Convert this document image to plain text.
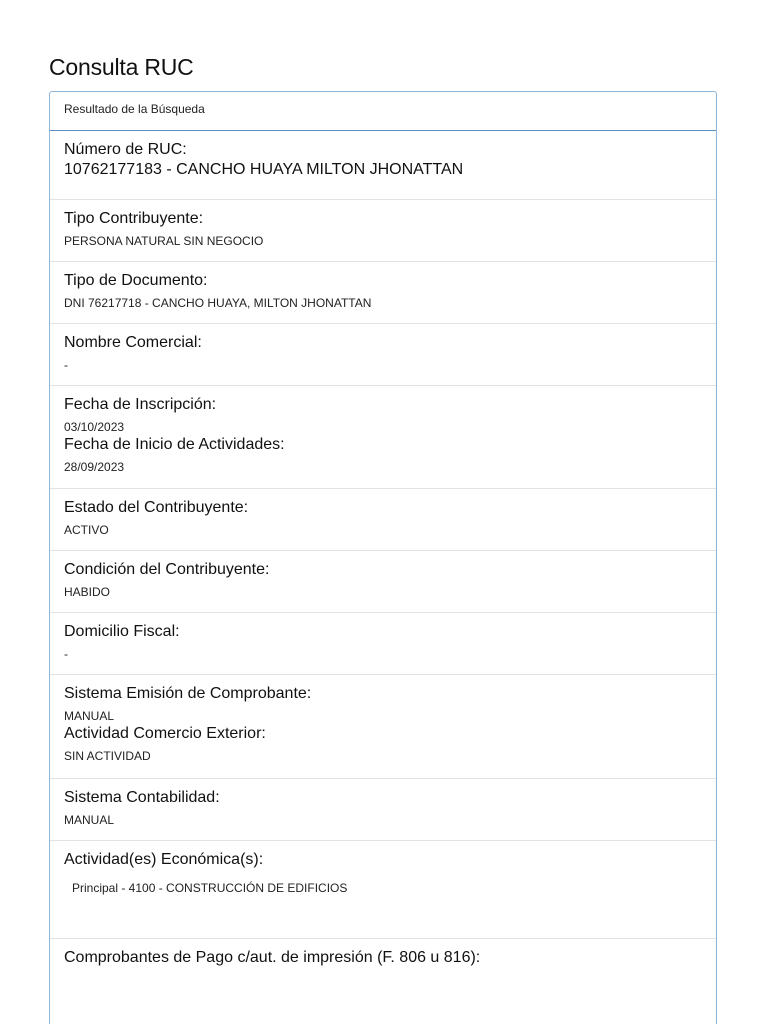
Consulta RUC
Resultado de la Búsqueda
Número de RUC:
10762177183 - CANCHO HUAYA MILTON JHONATTAN
Tipo Contribuyente:
PERSONA NATURAL SIN NEGOCIO
Tipo de Documento:
DNI 76217718 - CANCHO HUAYA, MILTON JHONATTAN
Nombre Comercial:
-
Fecha de Inscripción:
03/10/2023
Fecha de Inicio de Actividades:
28/09/2023
Estado del Contribuyente:
ACTIVO
Condición del Contribuyente:
HABIDO
Domicilio Fiscal:
-
Sistema Emisión de Comprobante:
MANUAL
Actividad Comercio Exterior:
SIN ACTIVIDAD
Sistema Contabilidad:
MANUAL
Actividad(es) Económica(s):
Principal - 4100 - CONSTRUCCIÓN DE EDIFICIOS
Comprobantes de Pago c/aut. de impresión (F. 806 u 816):
